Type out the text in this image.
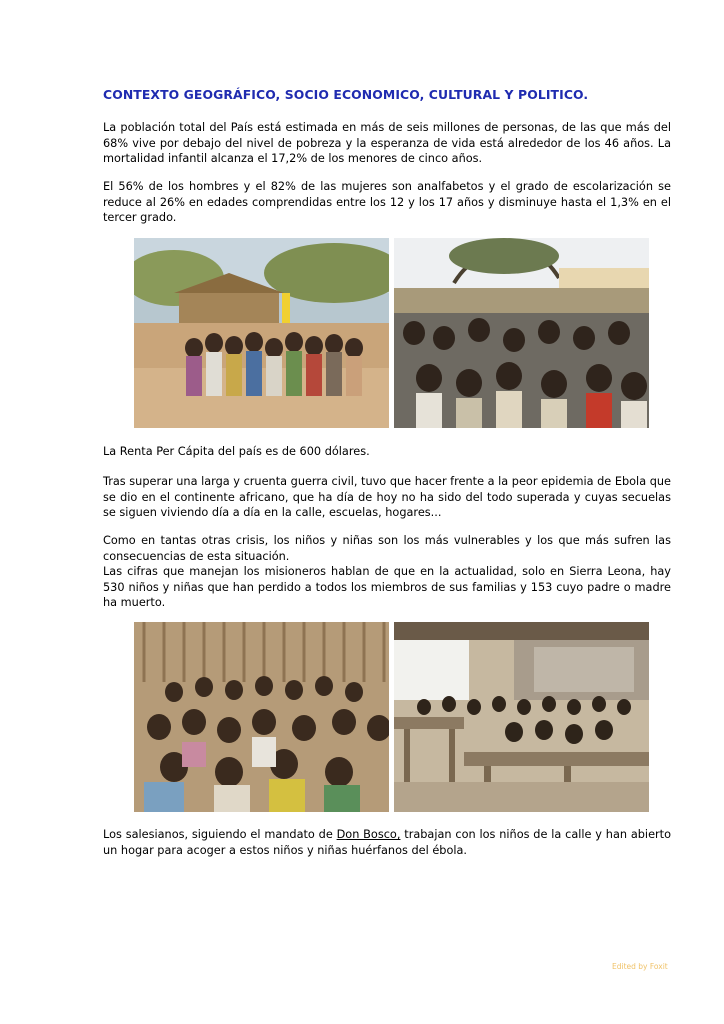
CONTEXTO GEOGRÁFICO, SOCIO ECONOMICO, CULTURAL Y POLITICO.

La población total del País está estimada en más de seis millones de personas, de las que más del 68% vive por debajo del nivel de pobreza y la esperanza de vida está alrededor de los 46 años. La mortalidad infantil alcanza el 17,2% de los menores de cinco años.

El 56% de los hombres y el 82% de las mujeres son analfabetos y el grado de escolarización se reduce al 26% en edades comprendidas entre los 12 y los 17 años y disminuye hasta el 1,3% en el tercer grado.

La Renta Per Cápita del país es de 600 dólares.

Tras superar una larga y cruenta guerra civil, tuvo que hacer frente a la peor epidemia de Ebola que se dio en el continente africano, que ha día de hoy no ha sido del todo superada y cuyas secuelas se siguen viviendo día a día en la calle, escuelas, hogares...

Como en tantas otras crisis, los niños y niñas son los más vulnerables y los que más sufren las consecuencias de esta situación.

Las cifras que manejan los misioneros hablan de que en la actualidad, solo en Sierra Leona, hay 530 niños y niñas que han perdido a todos los miembros de sus familias y 153 cuyo padre o madre ha muerto.

Los salesianos, siguiendo el mandato de Don Bosco, trabajan con los niños de la calle y han abierto un hogar para acoger a estos niños y niñas huérfanos del ébola.

Edited by Foxit
